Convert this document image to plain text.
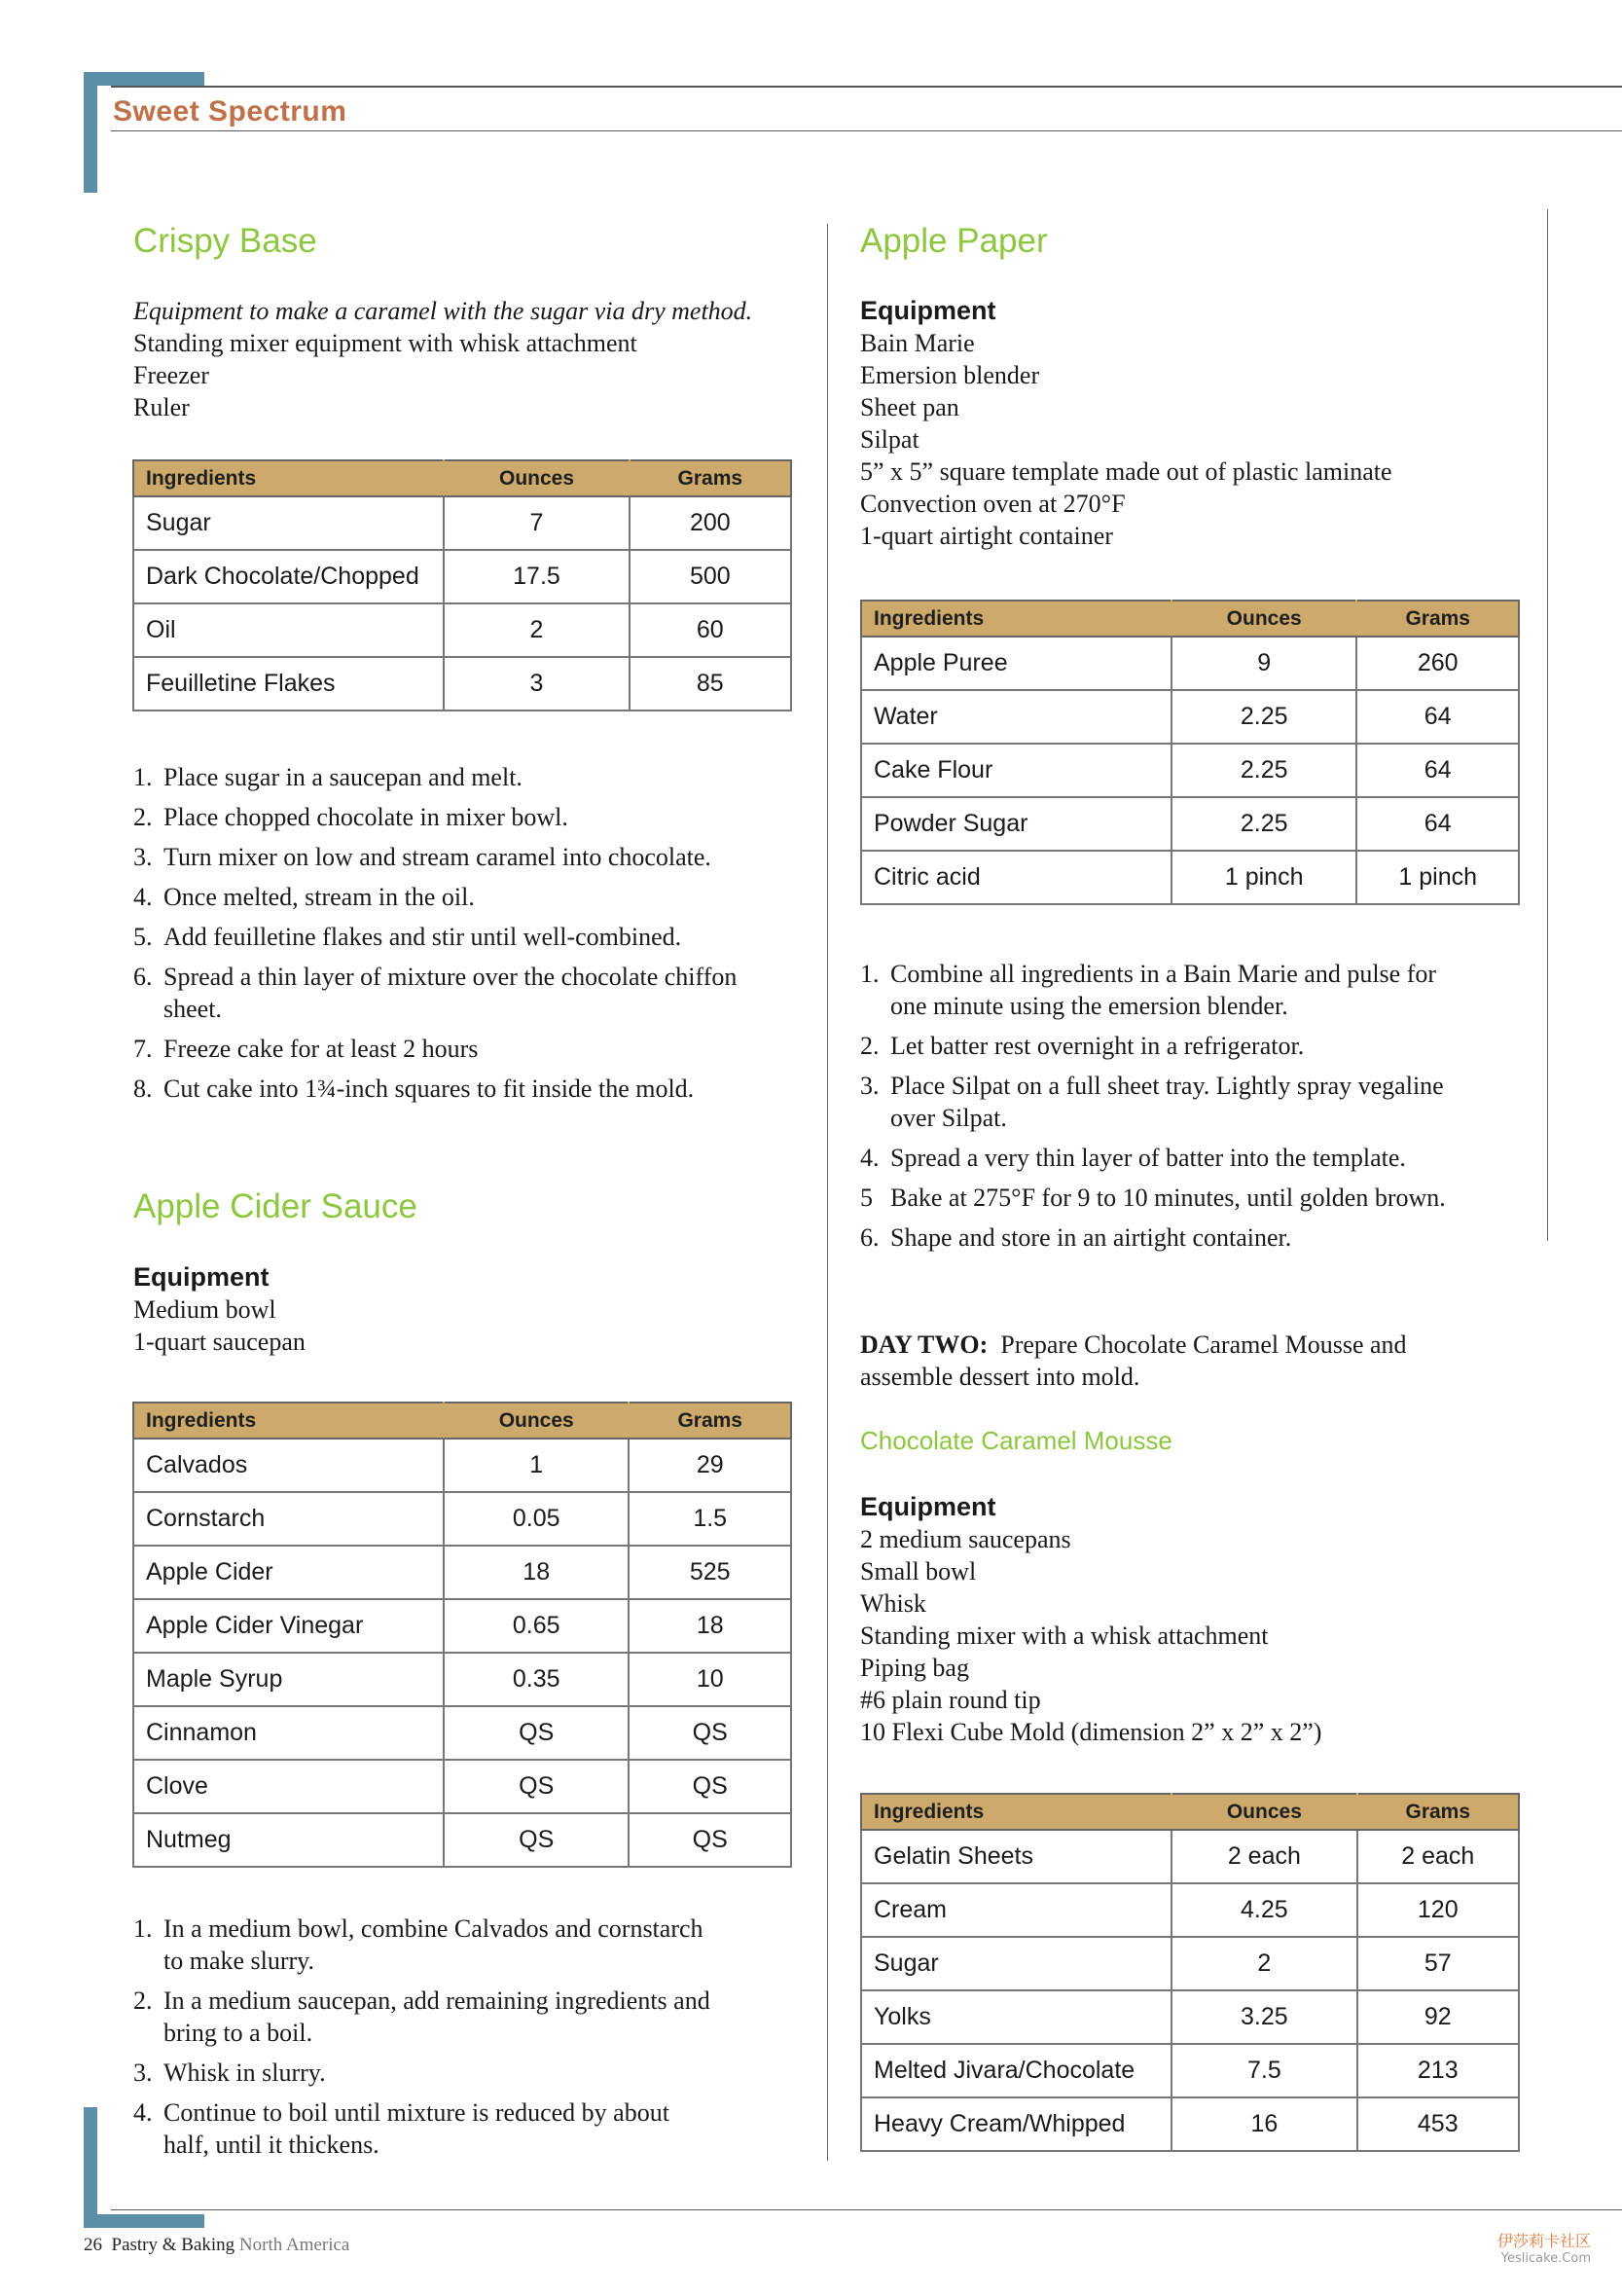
Sweet Spectrum
Crispy Base
Equipment to make a caramel with the sugar via dry method.
Standing mixer equipment with whisk attachment
Freezer
Ruler
Ingredients	Ounces	Grams
Sugar	7	200
Dark Chocolate/Chopped	17.5	500
Oil	2	60
Feuilletine Flakes	3	85
1. Place sugar in a saucepan and melt.
2. Place chopped chocolate in mixer bowl.
3. Turn mixer on low and stream caramel into chocolate.
4. Once melted, stream in the oil.
5. Add feuilletine flakes and stir until well-combined.
6. Spread a thin layer of mixture over the chocolate chiffon
sheet.
7. Freeze cake for at least 2 hours
8. Cut cake into 1¾-inch squares to fit inside the mold.
Apple Cider Sauce
Equipment
Medium bowl
1-quart saucepan
Ingredients	Ounces	Grams
Calvados	1	29
Cornstarch	0.05	1.5
Apple Cider	18	525
Apple Cider Vinegar	0.65	18
Maple Syrup	0.35	10
Cinnamon	QS	QS
Clove	QS	QS
Nutmeg	QS	QS
1. In a medium bowl, combine Calvados and cornstarch
to make slurry.
2. In a medium saucepan, add remaining ingredients and
bring to a boil.
3. Whisk in slurry.
4. Continue to boil until mixture is reduced by about
half, until it thickens.
Apple Paper
Equipment
Bain Marie
Emersion blender
Sheet pan
Silpat
5” x 5” square template made out of plastic laminate
Convection oven at 270°F
1-quart airtight container
Ingredients	Ounces	Grams
Apple Puree	9	260
Water	2.25	64
Cake Flour	2.25	64
Powder Sugar	2.25	64
Citric acid	1 pinch	1 pinch
1. Combine all ingredients in a Bain Marie and pulse for
one minute using the emersion blender.
2. Let batter rest overnight in a refrigerator.
3. Place Silpat on a full sheet tray. Lightly spray vegaline
over Silpat.
4. Spread a very thin layer of batter into the template.
5 Bake at 275°F for 9 to 10 minutes, until golden brown.
6. Shape and store in an airtight container.
DAY TWO: Prepare Chocolate Caramel Mousse and
assemble dessert into mold.
Chocolate Caramel Mousse
Equipment
2 medium saucepans
Small bowl
Whisk
Standing mixer with a whisk attachment
Piping bag
#6 plain round tip
10 Flexi Cube Mold (dimension 2” x 2” x 2”)
Ingredients	Ounces	Grams
Gelatin Sheets	2 each	2 each
Cream	4.25	120
Sugar	2	57
Yolks	3.25	92
Melted Jivara/Chocolate	7.5	213
Heavy Cream/Whipped	16	453
26 Pastry & Baking North America	伊莎莉卡社区
Yeslicake.Com
